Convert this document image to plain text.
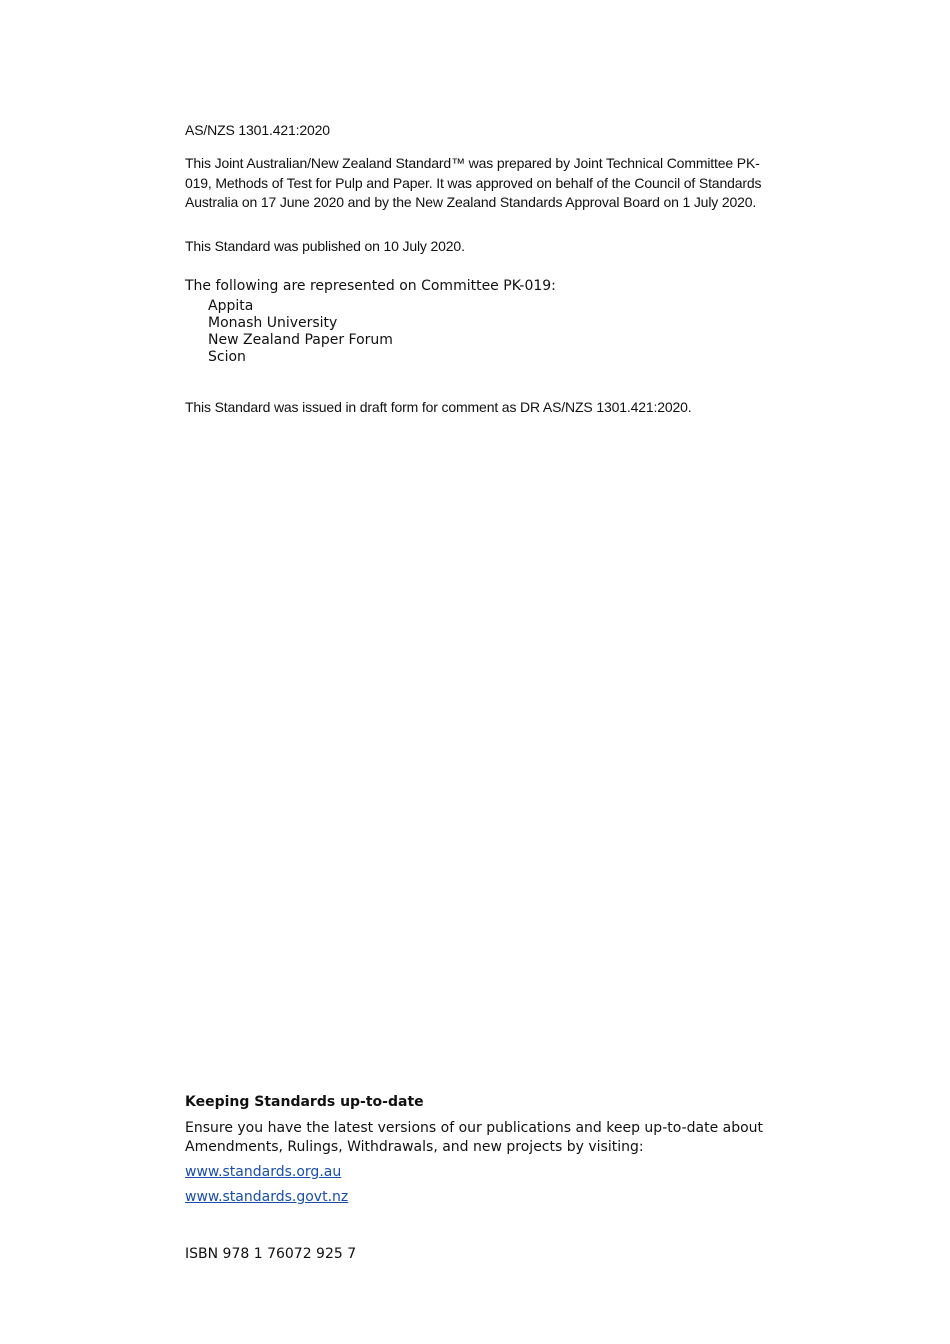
AS/NZS 1301.421:2020

This Joint Australian/New Zealand Standard™ was prepared by Joint Technical Committee PK-019, Methods of Test for Pulp and Paper. It was approved on behalf of the Council of Standards Australia on 17 June 2020 and by the New Zealand Standards Approval Board on 1 July 2020.

This Standard was published on 10 July 2020.

The following are represented on Committee PK-019:

Appita
Monash University
New Zealand Paper Forum
Scion

This Standard was issued in draft form for comment as DR AS/NZS 1301.421:2020.

Keeping Standards up-to-date

Ensure you have the latest versions of our publications and keep up-to-date about Amendments, Rulings, Withdrawals, and new projects by visiting:

www.standards.org.au

www.standards.govt.nz

ISBN 978 1 76072 925 7
